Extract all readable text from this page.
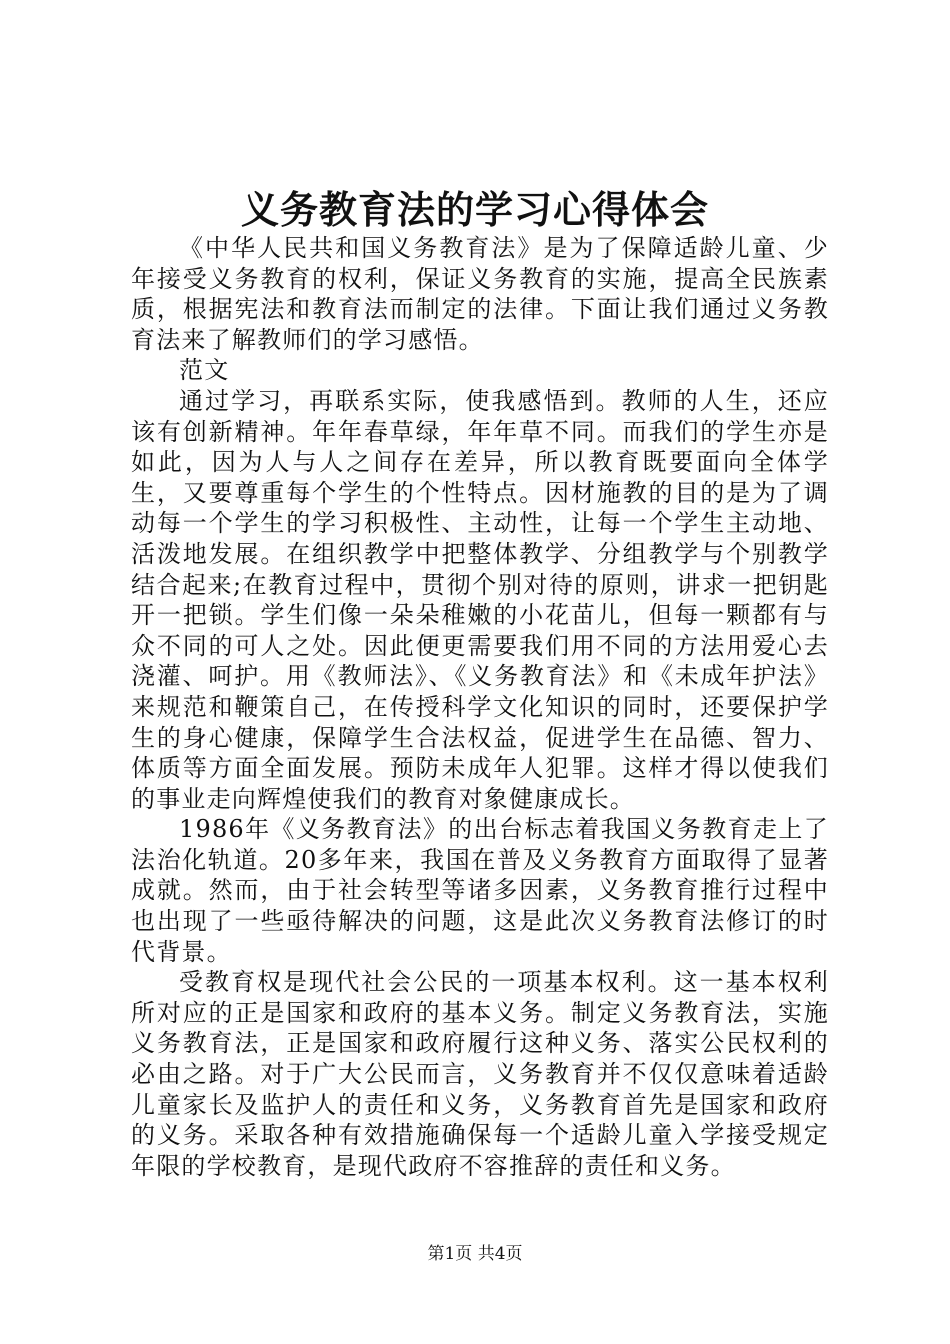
义务教育法的学习心得体会

《中华人民共和国义务教育法》是为了保障适龄儿童、少年接受义务教育的权利，保证义务教育的实施，提高全民族素质，根据宪法和教育法而制定的法律。下面让我们通过义务教育法来了解教师们的学习感悟。

范文

通过学习，再联系实际，使我感悟到。教师的人生，还应该有创新精神。年年春草绿，年年草不同。而我们的学生亦是如此，因为人与人之间存在差异，所以教育既要面向全体学生，又要尊重每个学生的个性特点。因材施教的目的是为了调动每一个学生的学习积极性、主动性，让每一个学生主动地、活泼地发展。在组织教学中把整体教学、分组教学与个别教学结合起来;在教育过程中，贯彻个别对待的原则，讲求一把钥匙开一把锁。学生们像一朵朵稚嫩的小花苗儿，但每一颗都有与众不同的可人之处。因此便更需要我们用不同的方法用爱心去浇灌、呵护。用《教师法》、《义务教育法》和《未成年护法》来规范和鞭策自己，在传授科学文化知识的同时，还要保护学生的身心健康，保障学生合法权益，促进学生在品德、智力、体质等方面全面发展。预防未成年人犯罪。这样才得以使我们的事业走向辉煌使我们的教育对象健康成长。

1986年《义务教育法》的出台标志着我国义务教育走上了法治化轨道。20多年来，我国在普及义务教育方面取得了显著成就。然而，由于社会转型等诸多因素，义务教育推行过程中也出现了一些亟待解决的问题，这是此次义务教育法修订的时代背景。

受教育权是现代社会公民的一项基本权利。这一基本权利所对应的正是国家和政府的基本义务。制定义务教育法，实施义务教育法，正是国家和政府履行这种义务、落实公民权利的必由之路。对于广大公民而言，义务教育并不仅仅意味着适龄儿童家长及监护人的责任和义务，义务教育首先是国家和政府的义务。采取各种有效措施确保每一个适龄儿童入学接受规定年限的学校教育，是现代政府不容推辞的责任和义务。

第1页 共4页
